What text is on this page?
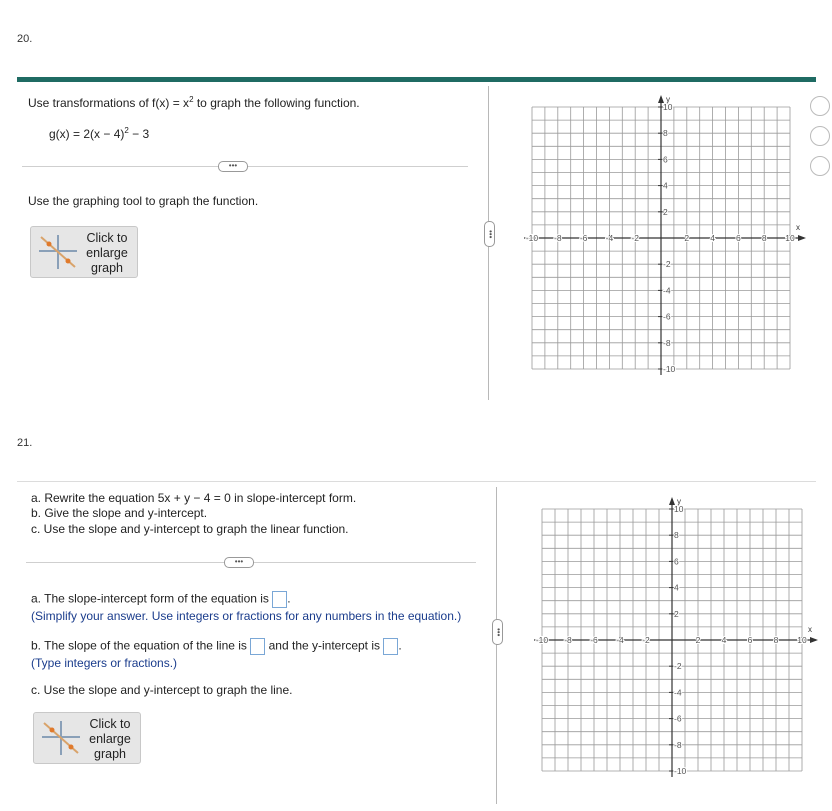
20.
Use transformations of $f(x) = x^2$ to graph the following function.
$g(x) = 2(x - 4)^2 - 3$
•••
Use the graphing tool to graph the function.
Click to
enlarge
graph
•••
x
y
-10 -8 -6 -4 -2	2 4 6 8 10
10
8
6
4
2
-2
-4
-6
-8
-10
21.
a. Rewrite the equation 5x + y − 4 = 0 in slope-intercept form.
b. Give the slope and y-intercept.
c. Use the slope and y-intercept to graph the linear function.
•••
a. The slope-intercept form of the equation is .
(Simplify your answer. Use integers or fractions for any numbers in the equation.)
b. The slope of the equation of the line is and the y-intercept is .
(Type integers or fractions.)
c. Use the slope and y-intercept to graph the line.
Click to
enlarge
graph
•••	x
y
-10 -8 -6 -4 -2	2	4	6	8 10
10
8
6
4
2
-2
-4
-6
-8
-10
